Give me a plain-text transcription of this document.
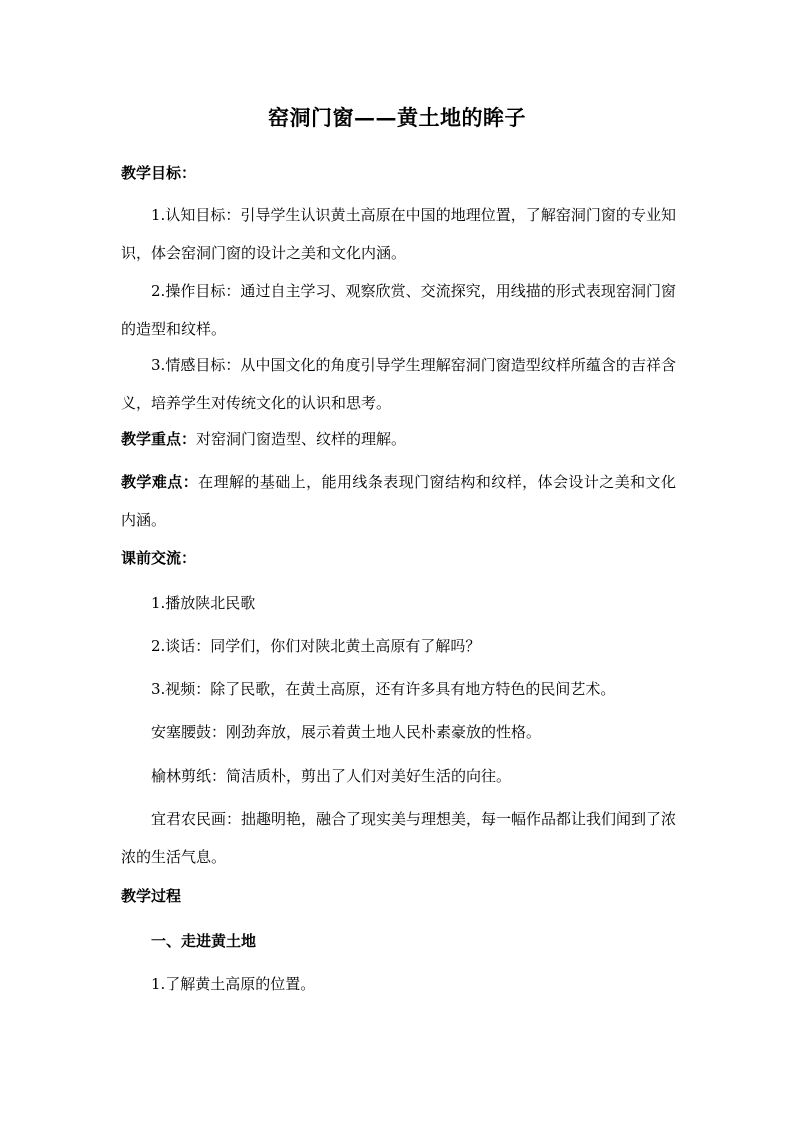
窑洞门窗——黄土地的眸子
教学目标：
1.认知目标：引导学生认识黄土高原在中国的地理位置，了解窑洞门窗的专业知识，体会窑洞门窗的设计之美和文化内涵。
2.操作目标：通过自主学习、观察欣赏、交流探究，用线描的形式表现窑洞门窗的造型和纹样。
3.情感目标：从中国文化的角度引导学生理解窑洞门窗造型纹样所蕴含的吉祥含义，培养学生对传统文化的认识和思考。
教学重点：对窑洞门窗造型、纹样的理解。
教学难点：在理解的基础上，能用线条表现门窗结构和纹样，体会设计之美和文化内涵。
课前交流：
1.播放陕北民歌
2.谈话：同学们，你们对陕北黄土高原有了解吗？
3.视频：除了民歌，在黄土高原，还有许多具有地方特色的民间艺术。
安塞腰鼓：刚劲奔放，展示着黄土地人民朴素豪放的性格。
榆林剪纸：简洁质朴，剪出了人们对美好生活的向往。
宜君农民画：拙趣明艳，融合了现实美与理想美，每一幅作品都让我们闻到了浓浓的生活气息。
教学过程
一、走进黄土地
1.了解黄土高原的位置。
